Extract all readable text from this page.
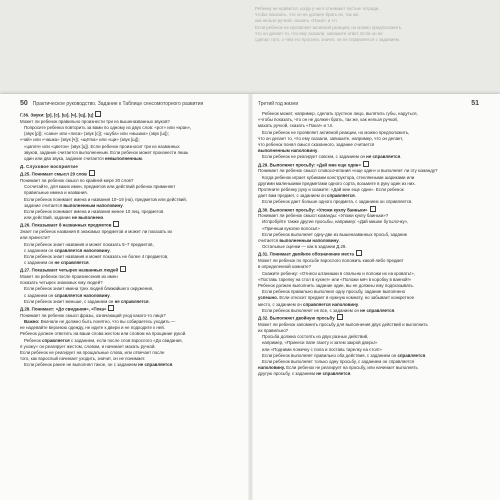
50 Практическое руководство. Задание к Таблице сенсомоторного развития
Г.36. Звуки: [р], [с], [ш], [ч], [щ], [ц]
Может ли ребенок правильно произнести три из вышеназванных звуков?
Попросите ребенка повторить за вами по одному из двух слов: «рот» или «кран»,
(звук [р]); «сани» или «лиса» (звук [с]); «шуба» или «мышка» (звук [ш]);
«чай» или «чашка» (звук [ч]); «щётка» или «щи» (звук [щ]);
«цапля» или «цветок» (звук [ц]). Если ребенок произносит три из названных
звуков, задание считается выполненным. Если ребенок может произнести лишь
один или два звука, задание считается невыполненным.
Д. Слуховое восприятие
Д.25. Понимает смысл 20 слов
Понимает ли ребенок смысл по крайней мере 20 слов?
Сосчитайте, для каких имен, предметов или действий ребенок применяет
правильные имена и названия.
Если ребенок понимает имена и названия 10–19 (на), предметов или действий,
задание считается выполненным наполовину.
Если ребенок понимает имена и названия менее 10 лиц, предметов
или действий, задание не выполнено.
Д.26. Показывает 8 названных предметов
Знает ли ребенок названия 8 знакомых предметов и может ли показать их
или принести?
Если ребенок знает названия и может показать 5–7 предметов,
с заданием он справляется наполовину.
Если ребенок знает названия и может показать не более 4 предметов,
с заданием он не справляется.
Д.27. Показывает четырех названных людей
Может ли ребенок после произнесения их имен
показать четырех знакомых ему людей?
Если ребенок знает имена трех людей ближайшего окружения,
с заданием он справляется наполовину.
Если ребенок знает меньше, с заданием он не справляется.
Д.28. Понимает: «До свидания», «Пока»
Понимает ли ребенок смысл фразы, означающий уход какого-то лица?
Важно: Вначале не должно быть понятно, что вы собираетесь уходить —
не надевайте верхнюю одежду, не идите к двери и не подходите к ней.
Ребенок должен ответить на ваши слова жестом или словом на прощание рукой.
Ребенок справляется с заданием, если после слов взрослого «До свидания,
я ухожу» он реагирует жестом, словом, и начинает махать ручкой.
Если ребенок не реагирует на прощальные слова, или отвечает после
того, как взрослый начинает уходить, значит, он не понимает.
Если ребенок ранее не выполнял такое, он с заданием не справляется.
Третий год жизни	51
Ребенок может, например, сделать грустное лицо, выпятить губы, надуться,
«чтобы показать, что он не должен брать, так же, как нельзя ручкой,
махать ручкой, сказать «Пока!» и т.п.
Если ребенок не проявляет активной реакции, но можно предположить,
что он делает то, что ему сказали, запишите, например, что он делает,
что ребенок понял смысл сказанного, задание считается
выполненным наполовину.
Если ребенок не реагирует совсем, с заданием он не справляется.
Д.29. Выполняет просьбу: «Дай мне еще один»
Понимает ли ребенок смысл словосочетания «еще один» и выполняет ли эту команду?
Когда ребенок играет кубиками конструктора, стеклянными шариками или
другими маленькими предметами одного сорта, возьмите в руку один из них.
Протяните ребенку руку и скажите: «Дай мне еще один». Если ребенок
дает вам предмет, с заданием он справляется.
Если ребенок дает больше одного предмета, с заданием он справляется.
Д.30. Выполняет просьбу: «Уложи куклу баиньки»
Понимает ли ребенок смысл команды: «Уложи куклу баиньки»?
Испробуйте также другие просьбы, например: «Дай мишке бутылочку»,
«Причеши куколке волосы!»
Если ребенок выполняет одну-две из вышеназванных просьб, задание
считается выполненным наполовину.
Остальные оценки — как в задании Д.29.
Д.31. Понимает двойное обозначение места
Может ли ребенок по просьбе взрослого положить какой-либо предмет
в определенной комнате?
Скажите ребенку: «Отнеси штанишки в спальню и положи их на кровать!»,
«Поставь тарелку на стол в кухне!» или «Положи мяч в коробку в ванной!»
Ребенок должен выполнить задание один, вы не должны ему подсказывать.
Если ребенок правильно выполнил одну просьбу, задание выполнено
успешно. Если относит предмет в нужную комнату, но забывает конкретное
место, с заданием он справляется наполовину.
Если ребенок выполняет не все, с заданием он не справляется.
Д.32. Выполняет двойную просьбу
Может ли ребенок запомнить просьбу для выполнения двух действий и выполнить
их правильно?
Просьба должна состоять из двух разных действий,
например, «Принеси папе газету и затем закрой дверь!»
или «Подними ложечку с пола и поставь тарелку на стол!»
Если ребенок выполняет правильно оба действия, с заданием он справляется.
Если ребенок выполняет только одну просьбу, с заданием он справляется
наполовину. Если ребенок не реагирует на просьбу, или начинает выполнять
другую просьбу, с заданием не справляется.
Ребенку не нравится, когда у него отнимают пустые тетради,
чтобы показать, что он не должен брать их, так же,
как нельзя ручкой, сказать «Пока!» и т.п.
Если ребенок не проявляет активной реакции, но можно предположить,
что он делает то, что ему сказали, запишите ответ. Если он не
сделал того, о чём его просили, значит, он не справляется с заданием.
